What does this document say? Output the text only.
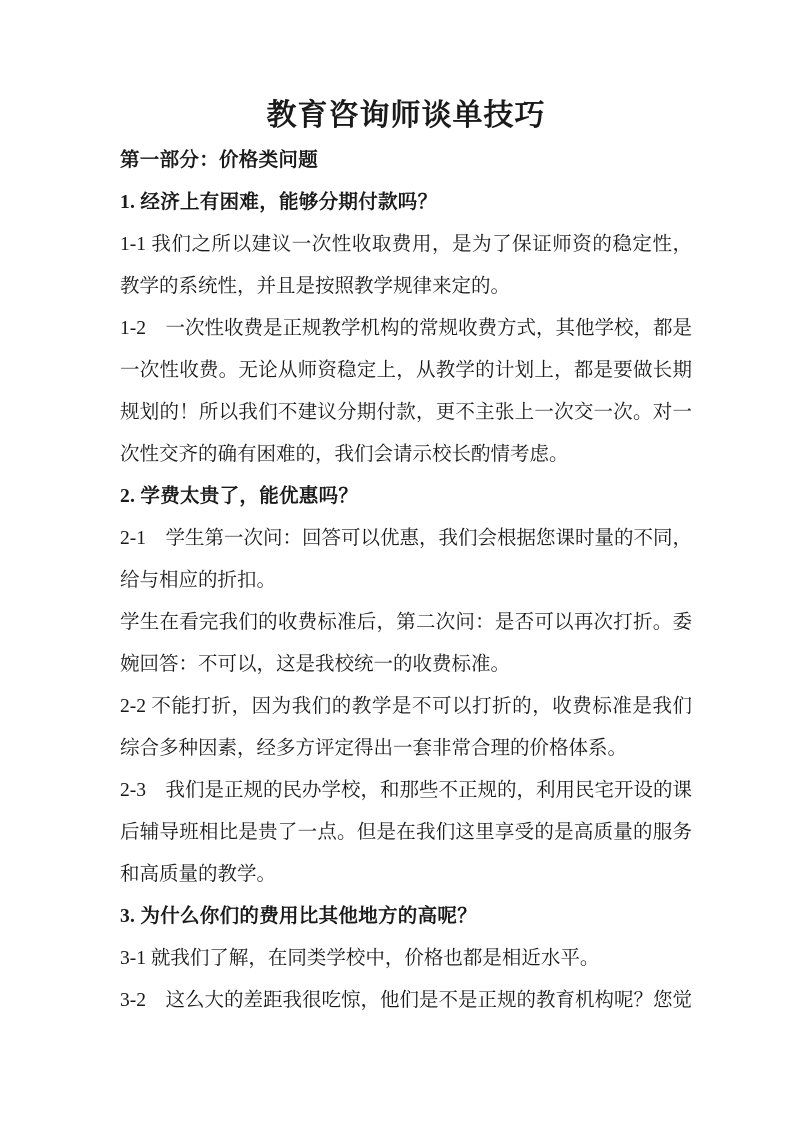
教育咨询师谈单技巧
第一部分：价格类问题
1. 经济上有困难，能够分期付款吗？
1-1 我们之所以建议一次性收取费用，是为了保证师资的稳定性，
教学的系统性，并且是按照教学规律来定的。
1-2　一次性收费是正规教学机构的常规收费方式，其他学校，都是
一次性收费。无论从师资稳定上，从教学的计划上，都是要做长期
规划的！所以我们不建议分期付款，更不主张上一次交一次。对一
次性交齐的确有困难的，我们会请示校长酌情考虑。
2. 学费太贵了，能优惠吗？
2-1　学生第一次问：回答可以优惠，我们会根据您课时量的不同，
给与相应的折扣。
学生在看完我们的收费标准后，第二次问：是否可以再次打折。委
婉回答：不可以，这是我校统一的收费标准。
2-2 不能打折，因为我们的教学是不可以打折的，收费标准是我们
综合多种因素，经多方评定得出一套非常合理的价格体系。
2-3　我们是正规的民办学校，和那些不正规的，利用民宅开设的课
后辅导班相比是贵了一点。但是在我们这里享受的是高质量的服务
和高质量的教学。
3. 为什么你们的费用比其他地方的高呢？
3-1 就我们了解，在同类学校中，价格也都是相近水平。
3-2　这么大的差距我很吃惊，他们是不是正规的教育机构呢？您觉
